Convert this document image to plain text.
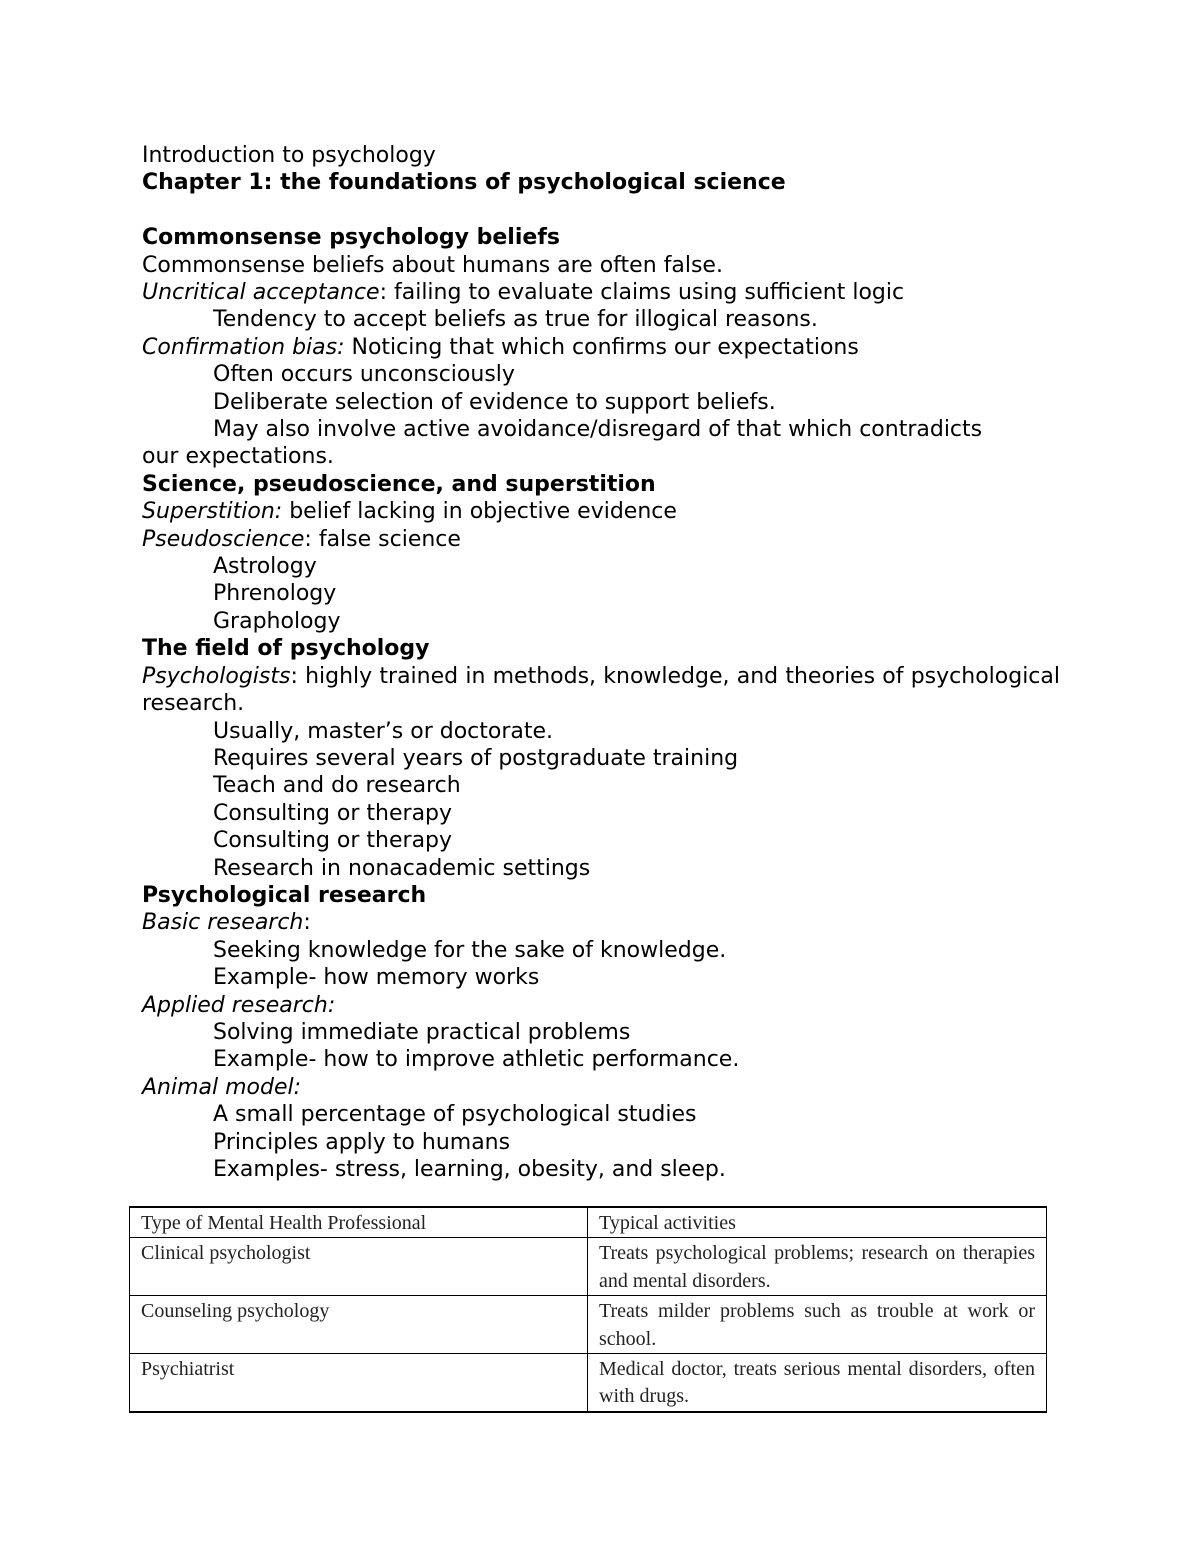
Introduction to psychology
Chapter 1: the foundations of psychological science
Commonsense psychology beliefs
Commonsense beliefs about humans are often false.
Uncritical acceptance: failing to evaluate claims using sufficient logic
Tendency to accept beliefs as true for illogical reasons.
Confirmation bias: Noticing that which confirms our expectations
Often occurs unconsciously
Deliberate selection of evidence to support beliefs.
May also involve active avoidance/disregard of that which contradicts
our expectations.
Science, pseudoscience, and superstition
Superstition: belief lacking in objective evidence
Pseudoscience: false science
Astrology
Phrenology
Graphology
The field of psychology
Psychologists: highly trained in methods, knowledge, and theories of psychological research.
Usually, master’s or doctorate.
Requires several years of postgraduate training
Teach and do research
Consulting or therapy
Consulting or therapy
Research in nonacademic settings
Psychological research
Basic research:
Seeking knowledge for the sake of knowledge.
Example- how memory works
Applied research:
Solving immediate practical problems
Example- how to improve athletic performance.
Animal model:
A small percentage of psychological studies
Principles apply to humans
Examples- stress, learning, obesity, and sleep.
Type of Mental Health Professional	Typical activities
Clinical psychologist	Treats psychological problems; research on therapies and mental disorders.
Counseling psychology	Treats milder problems such as trouble at work or school.
Psychiatrist	Medical doctor, treats serious mental disorders, often with drugs.
